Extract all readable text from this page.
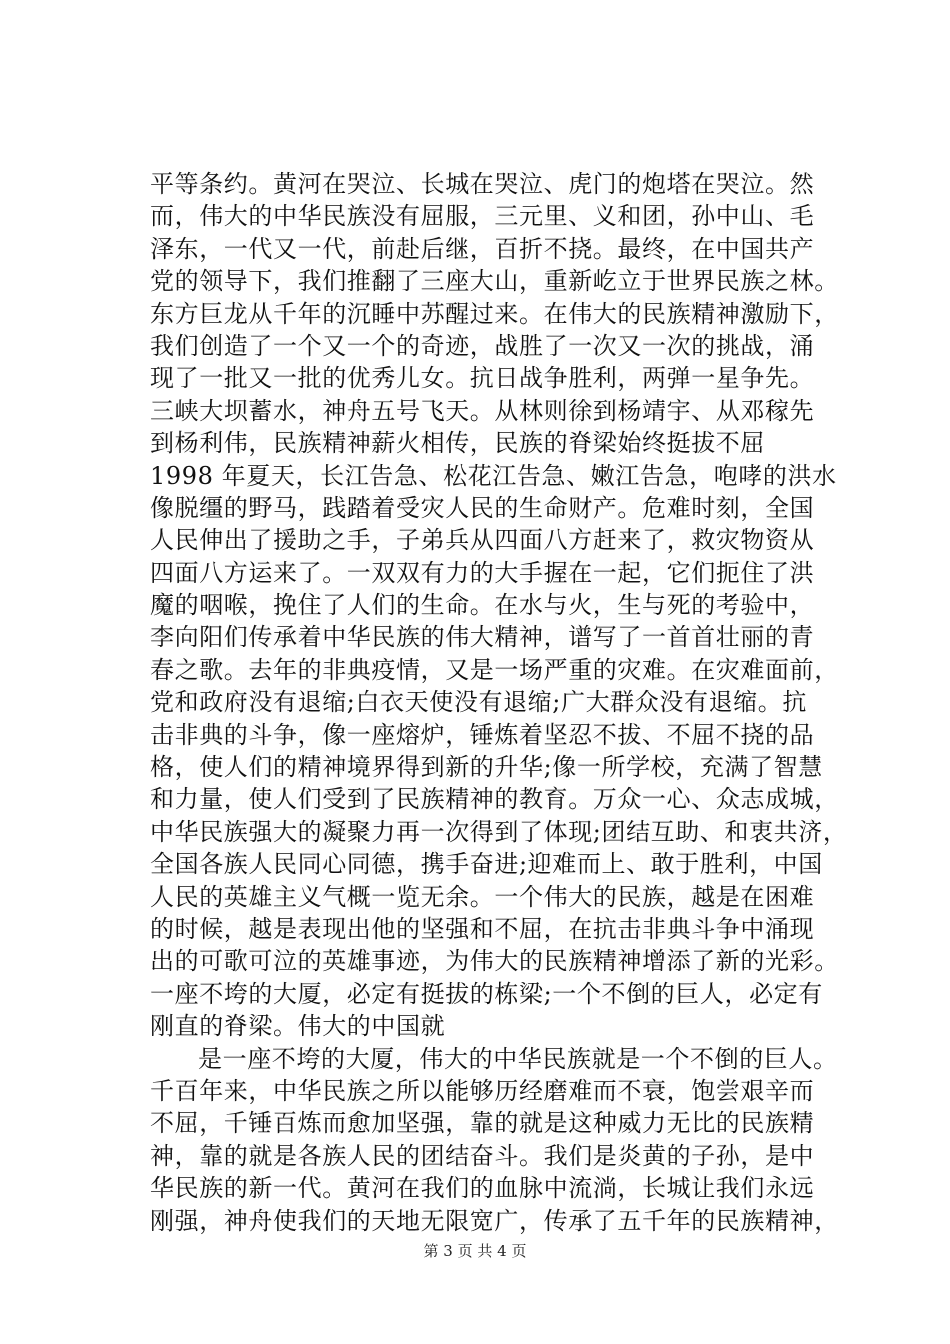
平等条约。黄河在哭泣、长城在哭泣、虎门的炮塔在哭泣。然
而，伟大的中华民族没有屈服，三元里、义和团，孙中山、毛
泽东，一代又一代，前赴后继，百折不挠。最终，在中国共产
党的领导下，我们推翻了三座大山，重新屹立于世界民族之林。
东方巨龙从千年的沉睡中苏醒过来。在伟大的民族精神激励下，
我们创造了一个又一个的奇迹，战胜了一次又一次的挑战，涌
现了一批又一批的优秀儿女。抗日战争胜利，两弹一星争先。
三峡大坝蓄水，神舟五号飞天。从林则徐到杨靖宇、从邓稼先
到杨利伟，民族精神薪火相传，民族的脊梁始终挺拔不屈
1998 年夏天，长江告急、松花江告急、嫩江告急，咆哮的洪水
像脱缰的野马，践踏着受灾人民的生命财产。危难时刻，全国
人民伸出了援助之手，子弟兵从四面八方赶来了，救灾物资从
四面八方运来了。一双双有力的大手握在一起，它们扼住了洪
魔的咽喉，挽住了人们的生命。在水与火，生与死的考验中，
李向阳们传承着中华民族的伟大精神，谱写了一首首壮丽的青
春之歌。去年的非典疫情，又是一场严重的灾难。在灾难面前，
党和政府没有退缩;白衣天使没有退缩;广大群众没有退缩。抗
击非典的斗争，像一座熔炉，锤炼着坚忍不拔、不屈不挠的品
格，使人们的精神境界得到新的升华;像一所学校，充满了智慧
和力量，使人们受到了民族精神的教育。万众一心、众志成城，
中华民族强大的凝聚力再一次得到了体现;团结互助、和衷共济，
全国各族人民同心同德，携手奋进;迎难而上、敢于胜利，中国
人民的英雄主义气概一览无余。一个伟大的民族，越是在困难
的时候，越是表现出他的坚强和不屈，在抗击非典斗争中涌现
出的可歌可泣的英雄事迹，为伟大的民族精神增添了新的光彩。
一座不垮的大厦，必定有挺拔的栋梁;一个不倒的巨人，必定有
刚直的脊梁。伟大的中国就
是一座不垮的大厦，伟大的中华民族就是一个不倒的巨人。
千百年来，中华民族之所以能够历经磨难而不衰，饱尝艰辛而
不屈，千锤百炼而愈加坚强，靠的就是这种威力无比的民族精
神，靠的就是各族人民的团结奋斗。我们是炎黄的子孙，是中
华民族的新一代。黄河在我们的血脉中流淌，长城让我们永远
刚强，神舟使我们的天地无限宽广，传承了五千年的民族精神，
第 3 页 共 4 页
